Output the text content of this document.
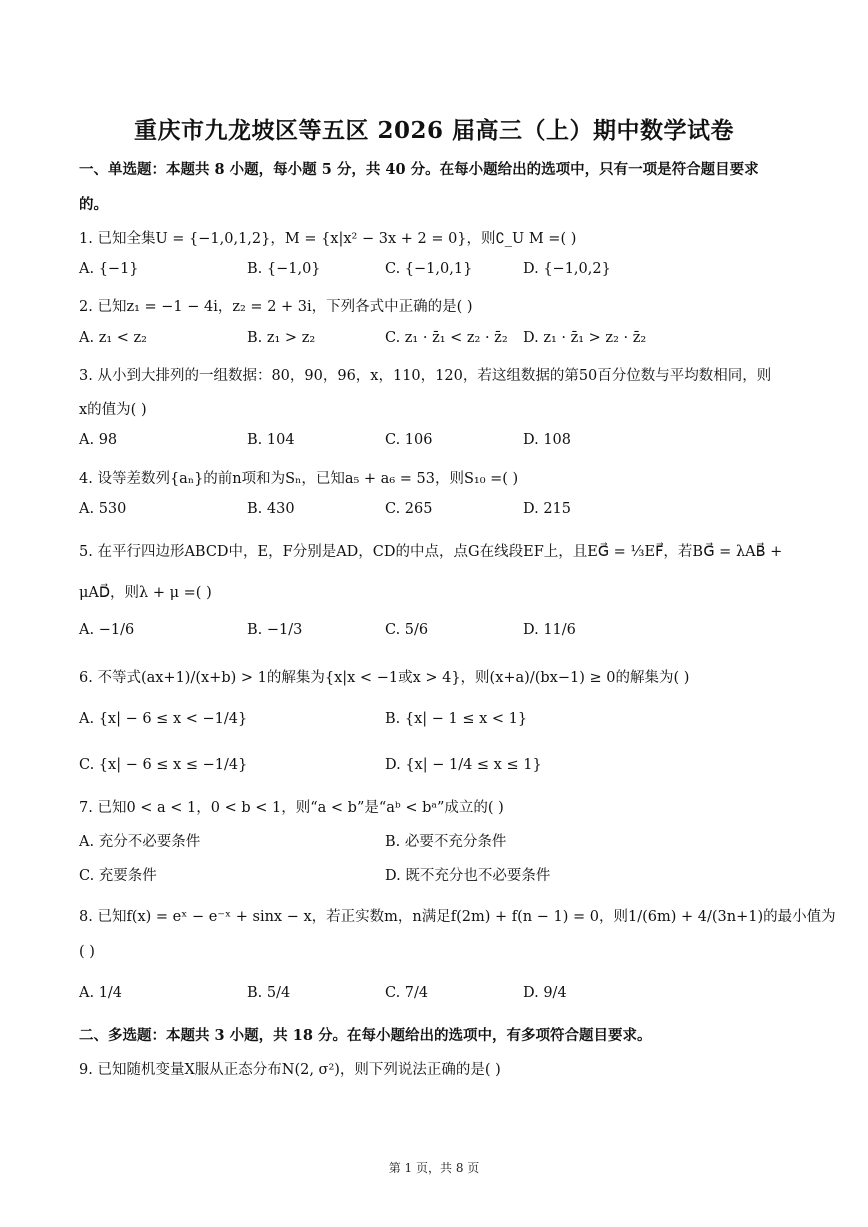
重庆市九龙坡区等五区 2026 届高三（上）期中数学试卷
一、单选题：本题共 8 小题，每小题 5 分，共 40 分。在每小题给出的选项中，只有一项是符合题目要求
的。
1. 已知全集U = {−1,0,1,2}，M = {x|x² − 3x + 2 = 0}，则∁_U M =( )
A. {−1}	B. {−1,0}	C. {−1,0,1}	D. {−1,0,2}
2. 已知z₁ = −1 − 4i，z₂ = 2 + 3i，下列各式中正确的是( )
A. z₁ < z₂	B. z₁ > z₂	C. z₁ · z̄₁ < z₂ · z̄₂ D. z₁ · z̄₁ > z₂ · z̄₂
3. 从小到大排列的一组数据：80，90，96，x，110，120，若这组数据的第50百分位数与平均数相同，则
x的值为( )
A. 98	B. 104	C. 106	D. 108
4. 设等差数列{aₙ}的前n项和为Sₙ，已知a₅ + a₆ = 53，则S₁₀ =( )
A. 530	B. 430	C. 265	D. 215
5. 在平行四边形ABCD中，E，F分别是AD，CD的中点，点G在线段EF上，且EG⃗ = ⅓EF⃗，若BG⃗ = λAB⃗ +
μAD⃗，则λ + μ =( )
A. −1/6	B. −1/3	C. 5/6	D. 11/6
6. 不等式(ax+1)/(x+b) > 1的解集为{x|x < −1或x > 4}，则(x+a)/(bx−1) ≥ 0的解集为( )
A. {x| − 6 ≤ x < −1/4}	B. {x| − 1 ≤ x < 1}
C. {x| − 6 ≤ x ≤ −1/4}	D. {x| − 1/4 ≤ x ≤ 1}
7. 已知0 < a < 1，0 < b < 1，则“a < b”是“aᵇ < bᵃ”成立的( )
A. 充分不必要条件	B. 必要不充分条件
C. 充要条件	D. 既不充分也不必要条件
8. 已知f(x) = eˣ − e⁻ˣ + sinx − x，若正实数m，n满足f(2m) + f(n − 1) = 0，则1/(6m) + 4/(3n+1)的最小值为
( )
A. 1/4	B. 5/4	C. 7/4	D. 9/4
二、多选题：本题共 3 小题，共 18 分。在每小题给出的选项中，有多项符合题目要求。
9. 已知随机变量X服从正态分布N(2, σ²)，则下列说法正确的是( )
第 1 页，共 8 页
